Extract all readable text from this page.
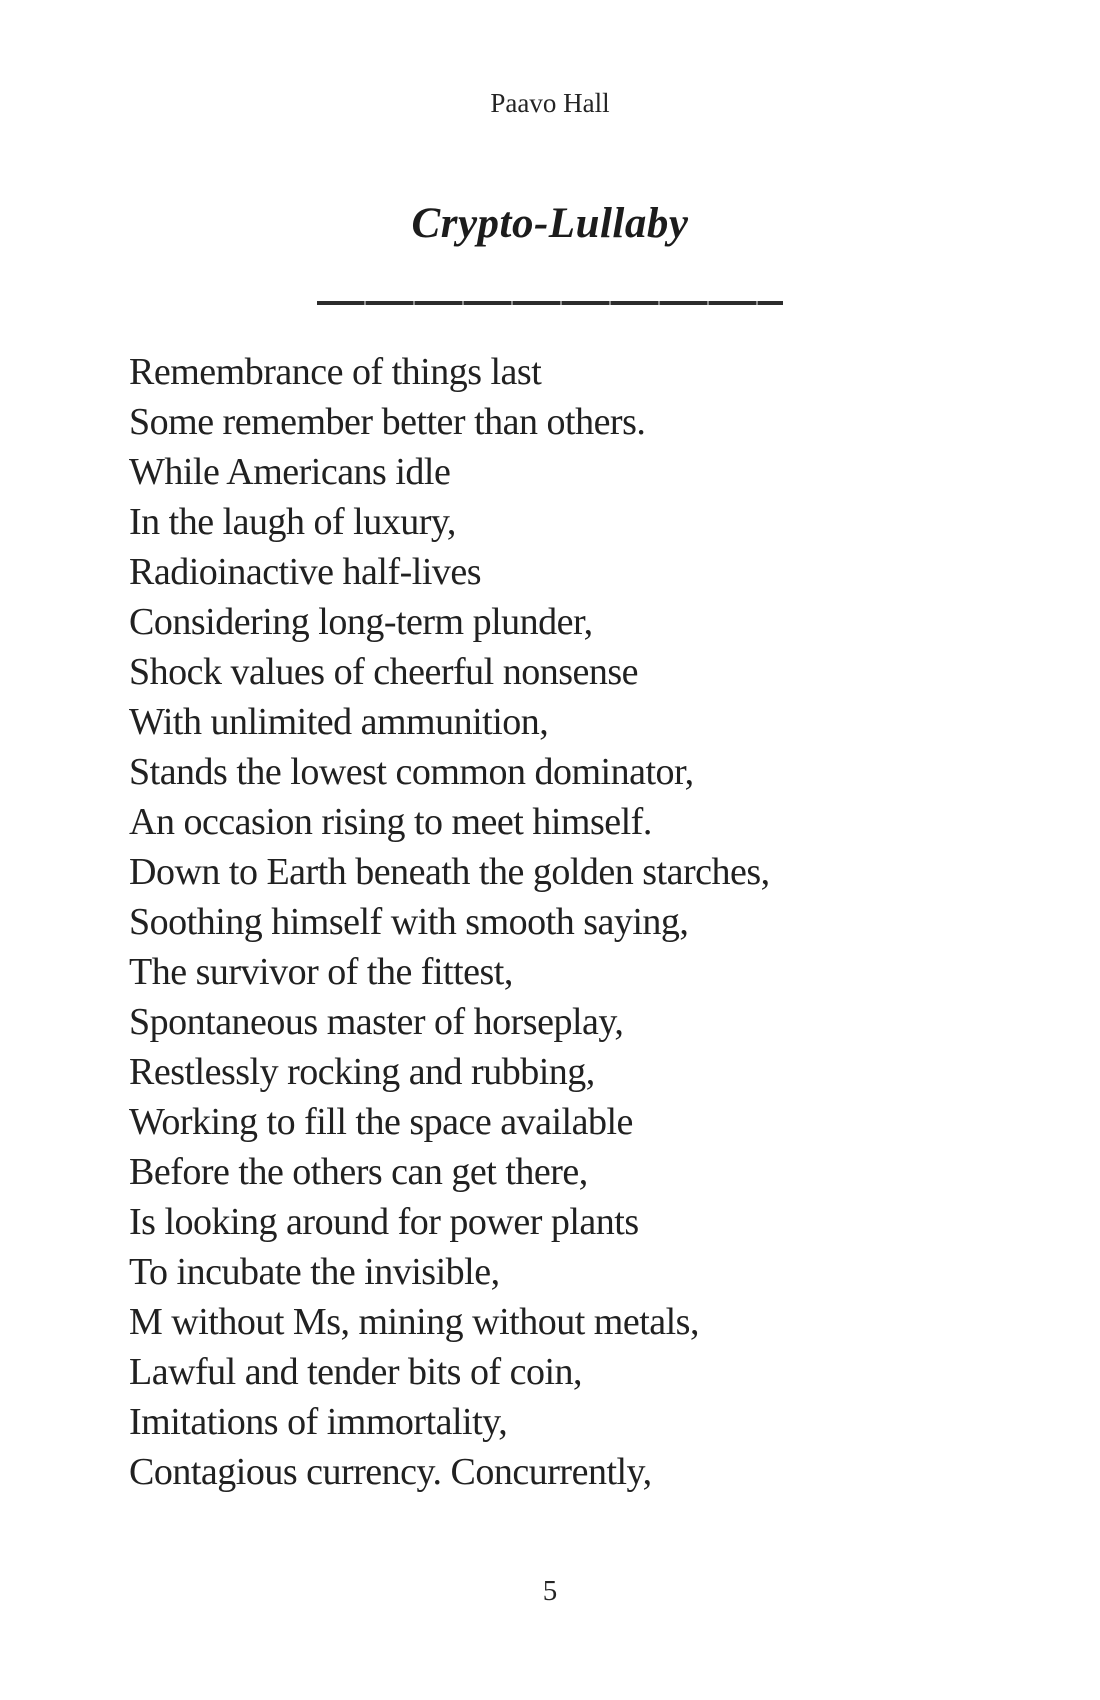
Paavo Hall
Crypto-Lullaby
Remembrance of things last
Some remember better than others.
While Americans idle
In the laugh of luxury,
Radioinactive half-lives
Considering long-term plunder,
Shock values of cheerful nonsense
With unlimited ammunition,
Stands the lowest common dominator,
An occasion rising to meet himself.
Down to Earth beneath the golden starches,
Soothing himself with smooth saying,
The survivor of the fittest,
Spontaneous master of horseplay,
Restlessly rocking and rubbing,
Working to fill the space available
Before the others can get there,
Is looking around for power plants
To incubate the invisible,
M without Ms, mining without metals,
Lawful and tender bits of coin,
Imitations of immortality,
Contagious currency. Concurrently,
5
